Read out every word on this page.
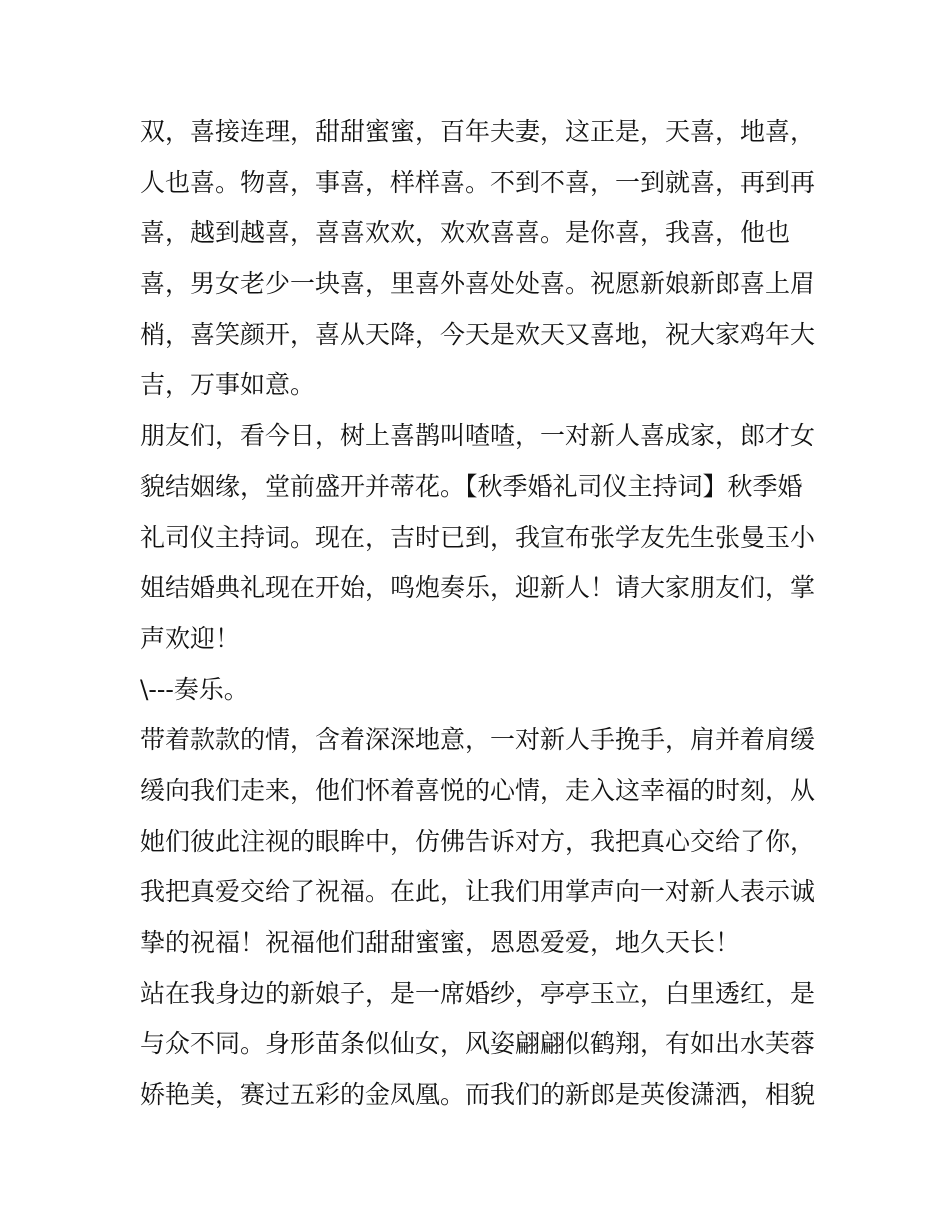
双，喜接连理，甜甜蜜蜜，百年夫妻，这正是，天喜，地喜，
人也喜。物喜，事喜，样样喜。不到不喜，一到就喜，再到再
喜，越到越喜，喜喜欢欢，欢欢喜喜。是你喜，我喜，他也
喜，男女老少一块喜，里喜外喜处处喜。祝愿新娘新郎喜上眉
梢，喜笑颜开，喜从天降，今天是欢天又喜地，祝大家鸡年大
吉，万事如意。
朋友们，看今日，树上喜鹊叫喳喳，一对新人喜成家，郎才女
貌结姻缘，堂前盛开并蒂花。【秋季婚礼司仪主持词】秋季婚
礼司仪主持词。现在，吉时已到，我宣布张学友先生张曼玉小
姐结婚典礼现在开始，鸣炮奏乐，迎新人！请大家朋友们，掌
声欢迎！
\---奏乐。
带着款款的情，含着深深地意，一对新人手挽手，肩并着肩缓
缓向我们走来，他们怀着喜悦的心情，走入这幸福的时刻，从
她们彼此注视的眼眸中，仿佛告诉对方，我把真心交给了你，
我把真爱交给了祝福。在此，让我们用掌声向一对新人表示诚
挚的祝福！祝福他们甜甜蜜蜜，恩恩爱爱，地久天长！
站在我身边的新娘子，是一席婚纱，亭亭玉立，白里透红，是
与众不同。身形苗条似仙女，风姿翩翩似鹤翔，有如出水芙蓉
娇艳美，赛过五彩的金凤凰。而我们的新郎是英俊潇洒，相貌
